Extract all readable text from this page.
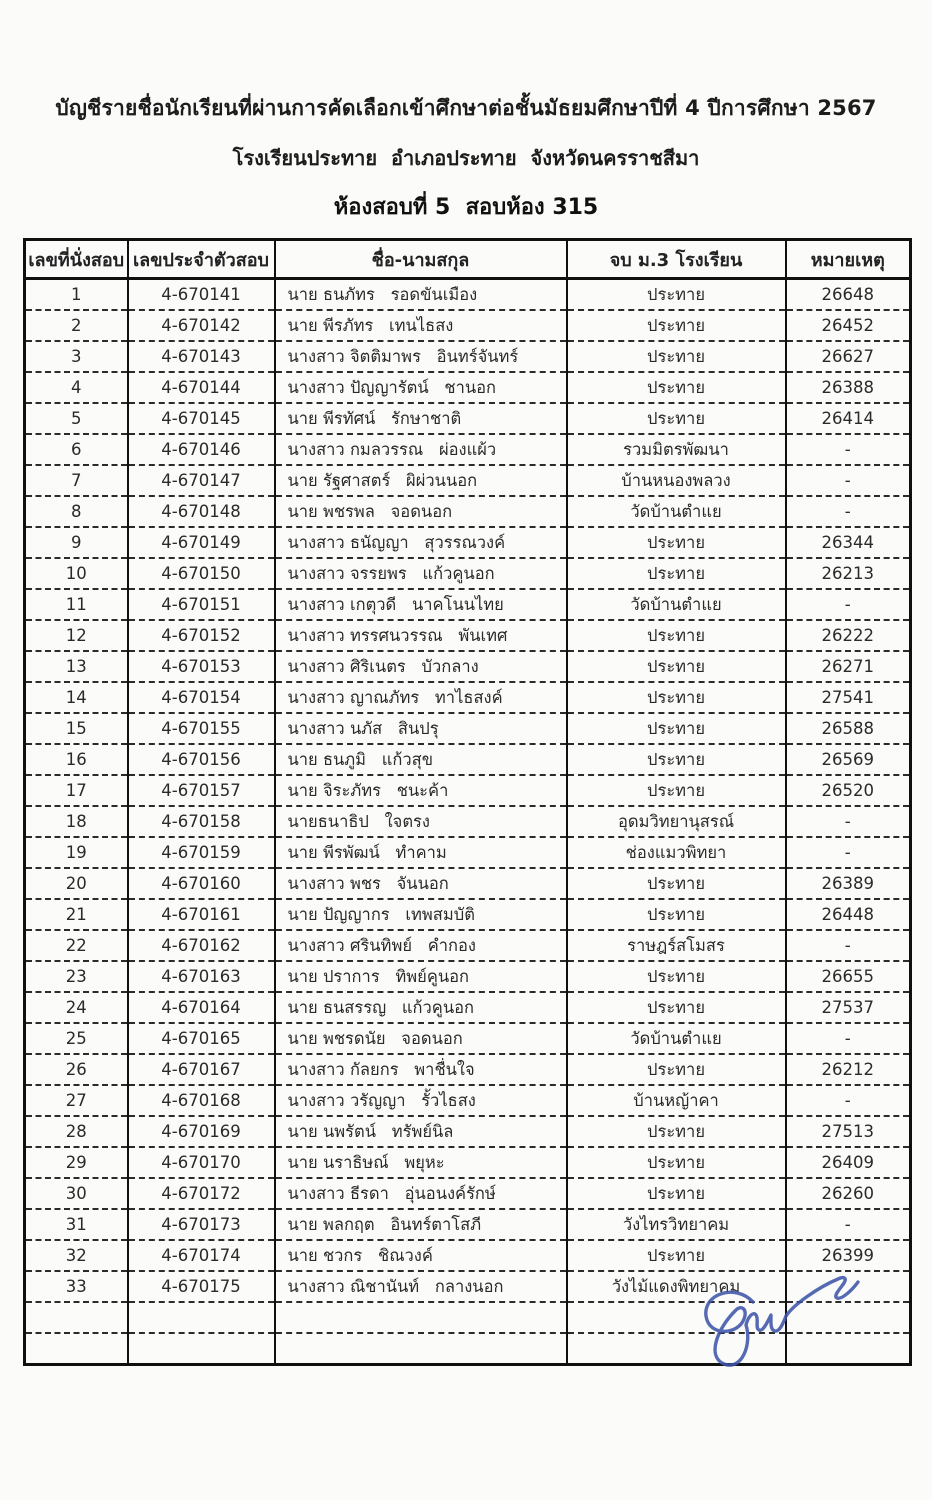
บัญชีรายชื่อนักเรียนที่ผ่านการคัดเลือกเข้าศึกษาต่อชั้นมัธยมศึกษาปีที่ 4 ปีการศึกษา 2567
โรงเรียนประทาย  อำเภอประทาย  จังหวัดนครราชสีมา
ห้องสอบที่ 5  สอบห้อง 315
เลขที่นั่งสอบ	เลขประจำตัวสอบ	ชื่อ-นามสกุล	จบ ม.3 โรงเรียน	หมายเหตุ
1	4-670141	นาย ธนภัทร   รอดขันเมือง	ประทาย	26648
2	4-670142	นาย พีรภัทร   เทนไธสง	ประทาย	26452
3	4-670143	นางสาว จิตติมาพร   อินทร์จันทร์	ประทาย	26627
4	4-670144	นางสาว ปัญญารัตน์   ชานอก	ประทาย	26388
5	4-670145	นาย พีรทัศน์   รักษาชาติ	ประทาย	26414
6	4-670146	นางสาว กมลวรรณ   ผ่องแผ้ว	รวมมิตรพัฒนา	-
7	4-670147	นาย รัฐศาสตร์   ผิผ่วนนอก	บ้านหนองพลวง	-
8	4-670148	นาย พชรพล   จอดนอก	วัดบ้านตำแย	-
9	4-670149	นางสาว ธนัญญา   สุวรรณวงค์	ประทาย	26344
10	4-670150	นางสาว จรรยพร   แก้วคูนอก	ประทาย	26213
11	4-670151	นางสาว เกตุวดี   นาคโนนไทย	วัดบ้านตำแย	-
12	4-670152	นางสาว ทรรศนวรรณ   พันเทศ	ประทาย	26222
13	4-670153	นางสาว ศิริเนตร   บัวกลาง	ประทาย	26271
14	4-670154	นางสาว ญาณภัทร   ทาไธสงค์	ประทาย	27541
15	4-670155	นางสาว นภัส   สินปรุ	ประทาย	26588
16	4-670156	นาย ธนภูมิ   แก้วสุข	ประทาย	26569
17	4-670157	นาย จิระภัทร   ชนะค้า	ประทาย	26520
18	4-670158	นายธนาธิป   ใจตรง	อุดมวิทยานุสรณ์	-
19	4-670159	นาย พีรพัฒน์   ทำคาม	ช่องแมวพิทยา	-
20	4-670160	นางสาว พชร   จันนอก	ประทาย	26389
21	4-670161	นาย ปัญญากร   เทพสมบัติ	ประทาย	26448
22	4-670162	นางสาว ศรินทิพย์   คำกอง	ราษฎร์สโมสร	-
23	4-670163	นาย ปราการ   ทิพย์คูนอก	ประทาย	26655
24	4-670164	นาย ธนสรรญ   แก้วคูนอก	ประทาย	27537
25	4-670165	นาย พชรดนัย   จอดนอก	วัดบ้านตำแย	-
26	4-670167	นางสาว กัลยกร   พาชื่นใจ	ประทาย	26212
27	4-670168	นางสาว วรัญญา   รั้วไธสง	บ้านหญ้าคา	-
28	4-670169	นาย นพรัตน์   ทรัพย์นิล	ประทาย	27513
29	4-670170	นาย นราธิษณ์   พยุหะ	ประทาย	26409
30	4-670172	นางสาว ธีรดา   อุ่นอนงค์รักษ์	ประทาย	26260
31	4-670173	นาย พลกฤต   อินทร์ตาโสภี	วังไทรวิทยาคม	-
32	4-670174	นาย ชวกร   ชิณวงค์	ประทาย	26399
33	4-670175	นางสาว ณิชานันท์   กลางนอก	วังไม้แดงพิทยาคม	
